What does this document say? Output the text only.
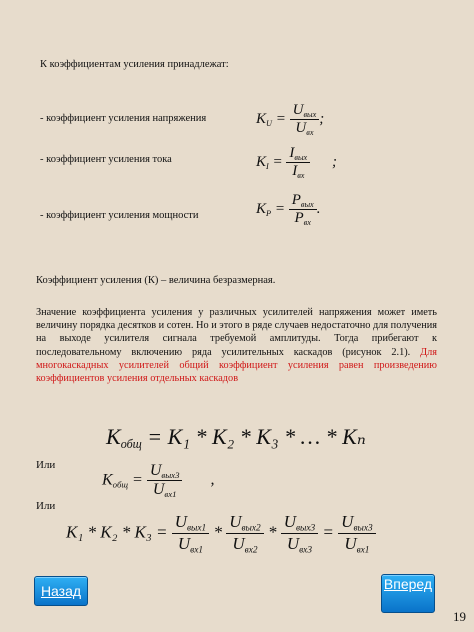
К коэффициентам усиления принадлежат:
- коэффициент усиления напряжения	$K_U = \frac{U_{вых}}{U_{вх}}$ ;
- коэффициент усиления тока	$K_I = \frac{I_{вых}}{I_{вх}}$ ;
- коэффициент усиления мощности	$K_P = \frac{P_{вых}}{P_{вх}}$ .
Коэффициент усиления (К) – величина безразмерная.
Значение коэффициента усиления у различных усилителей напряжения может иметь величину порядка десятков и сотен. Но и этого в ряде случаев недостаточно для получения на выходе усилителя сигнала требуемой амплитуды. Тогда прибегают к последовательному включению ряда усилительных каскадов (рисунок 2.1). Для многокаскадных усилителей общий коэффициент усиления равен произведению коэффициентов усиления отдельных каскадов
$K_{общ} = K_1 * K_2 * K_3$ * … * Kₙ
Или
$K_{общ} = \frac{U_{вых3}}{U_{вх1}}$ ,
Или
$K_1 * K_2 * K_3 = \frac{U_{вых1}}{U_{вх1}} * \frac{U_{вых2}}{U_{вх2}} * \frac{U_{вых3}}{U_{вх3}} = \frac{U_{вых3}}{U_{вх1}}$
Назад	Вперед
19
